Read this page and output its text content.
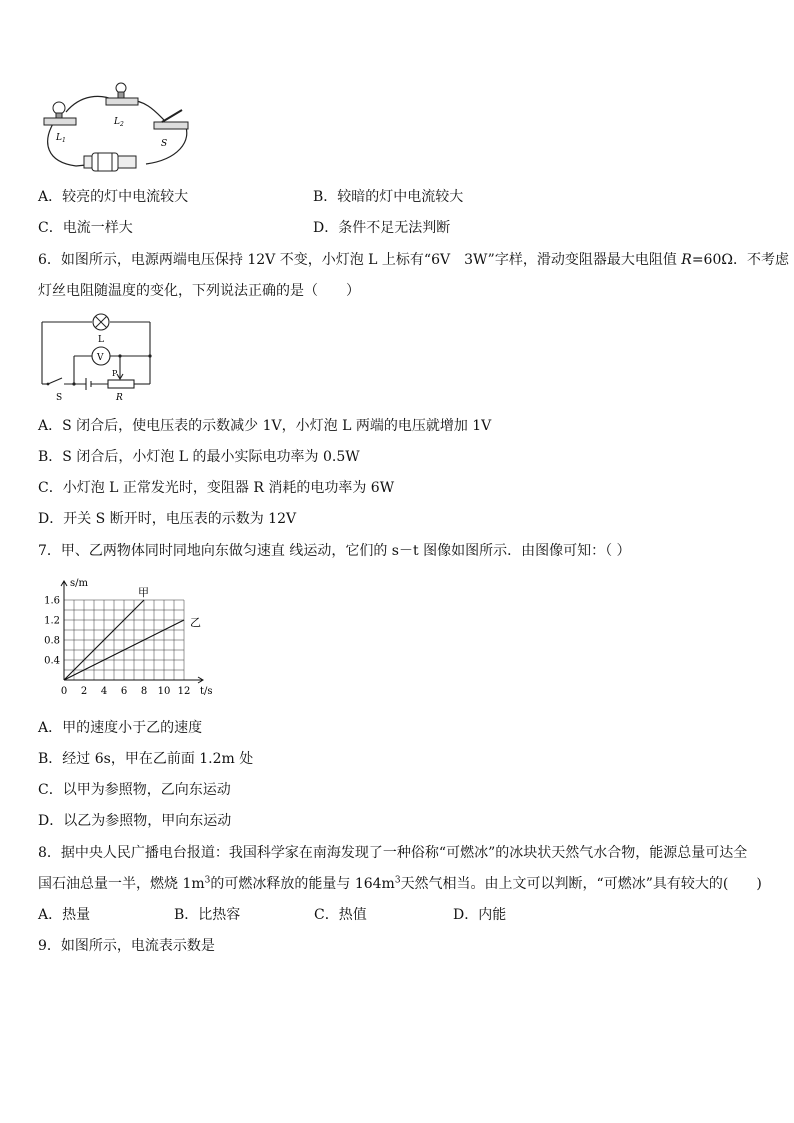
$L_1$
$L_2$
S
A．较亮的灯中电流较大	B．较暗的灯中电流较大
C．电流一样大	D．条件不足无法判断
6．如图所示，电源两端电压保持 12V 不变，小灯泡 L 上标有“6V　3W”字样，滑动变阻器最大电阻值 R=60Ω．不考虑
灯丝电阻随温度的变化，下列说法正确的是（　　）
L
V
P
S	R
A．S 闭合后，使电压表的示数减少 1V，小灯泡 L 两端的电压就增加 1V
B．S 闭合后，小灯泡 L 的最小实际电功率为 0.5W
C．小灯泡 L 正常发光时，变阻器 R 消耗的电功率为 6W
D．开关 S 断开时，电压表的示数为 12V
7．甲、乙两物体同时同地向东做匀速直 线运动，它们的 s－t 图像如图所示．由图像可知：（ ）
甲
乙
0 2 4 6 8 10 12
0.4
0.8
1.2
1.6
t/s
s/m
A．甲的速度小于乙的速度
B．经过 6s，甲在乙前面 1.2m 处
C．以甲为参照物，乙向东运动
D．以乙为参照物，甲向东运动
8．据中央人民广播电台报道：我国科学家在南海发现了一种俗称“可燃冰”的冰块状天然气水合物，能源总量可达全
国石油总量一半，燃烧 $1m^3$的可燃冰释放的能量与 $164m^3$天然气相当。由上文可以判断，“可燃冰”具有较大的(　　)
A．热量	B．比热容	C．热值	D．内能
9．如图所示，电流表示数是
